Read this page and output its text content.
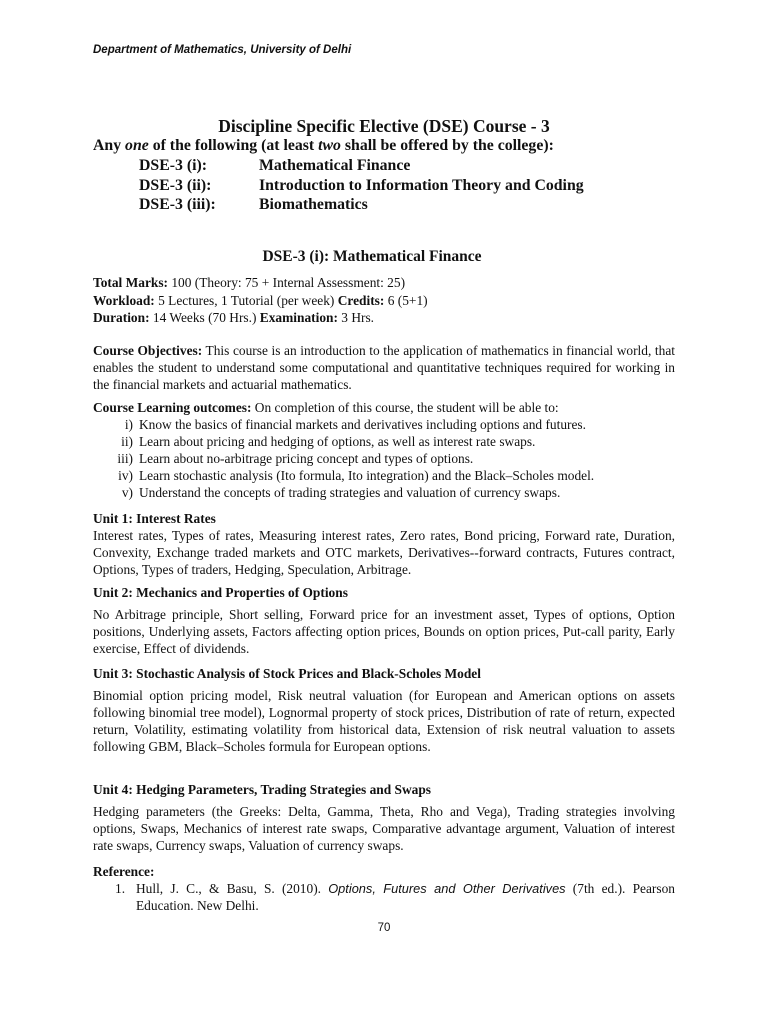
Department of Mathematics, University of Delhi
Discipline Specific Elective (DSE) Course - 3
Any one of the following (at least two shall be offered by the college):
DSE-3 (i):	Mathematical Finance
DSE-3 (ii):	Introduction to Information Theory and Coding
DSE-3 (iii):	Biomathematics
DSE-3 (i): Mathematical Finance
Total Marks: 100 (Theory: 75 + Internal Assessment: 25)
Workload: 5 Lectures, 1 Tutorial (per week) Credits: 6 (5+1)
Duration: 14 Weeks (70 Hrs.) Examination: 3 Hrs.

Course Objectives: This course is an introduction to the application of mathematics in financial world, that enables the student to understand some computational and quantitative techniques required for working in the financial markets and actuarial mathematics.

Course Learning outcomes: On completion of this course, the student will be able to:
i) Know the basics of financial markets and derivatives including options and futures.
ii) Learn about pricing and hedging of options, as well as interest rate swaps.
iii) Learn about no-arbitrage pricing concept and types of options.
iv) Learn stochastic analysis (Ito formula, Ito integration) and the Black–Scholes model.
v) Understand the concepts of trading strategies and valuation of currency swaps.
Unit 1: Interest Rates

Interest rates, Types of rates, Measuring interest rates, Zero rates, Bond pricing, Forward rate, Duration, Convexity, Exchange traded markets and OTC markets, Derivatives--forward contracts, Futures contract, Options, Types of traders, Hedging, Speculation, Arbitrage.

Unit 2: Mechanics and Properties of Options

No Arbitrage principle, Short selling, Forward price for an investment asset, Types of options, Option positions, Underlying assets, Factors affecting option prices, Bounds on option prices, Put-call parity, Early exercise, Effect of dividends.

Unit 3: Stochastic Analysis of Stock Prices and Black-Scholes Model

Binomial option pricing model, Risk neutral valuation (for European and American options on assets following binomial tree model), Lognormal property of stock prices, Distribution of rate of return, expected return, Volatility, estimating volatility from historical data, Extension of risk neutral valuation to assets following GBM, Black–Scholes formula for European options.

Unit 4: Hedging Parameters, Trading Strategies and Swaps

Hedging parameters (the Greeks: Delta, Gamma, Theta, Rho and Vega), Trading strategies involving options, Swaps, Mechanics of interest rate swaps, Comparative advantage argument, Valuation of interest rate swaps, Currency swaps, Valuation of currency swaps.

Reference:
1. Hull, J. C., & Basu, S. (2010). Options, Futures and Other Derivatives (7th ed.). Pearson Education. New Delhi.
70
